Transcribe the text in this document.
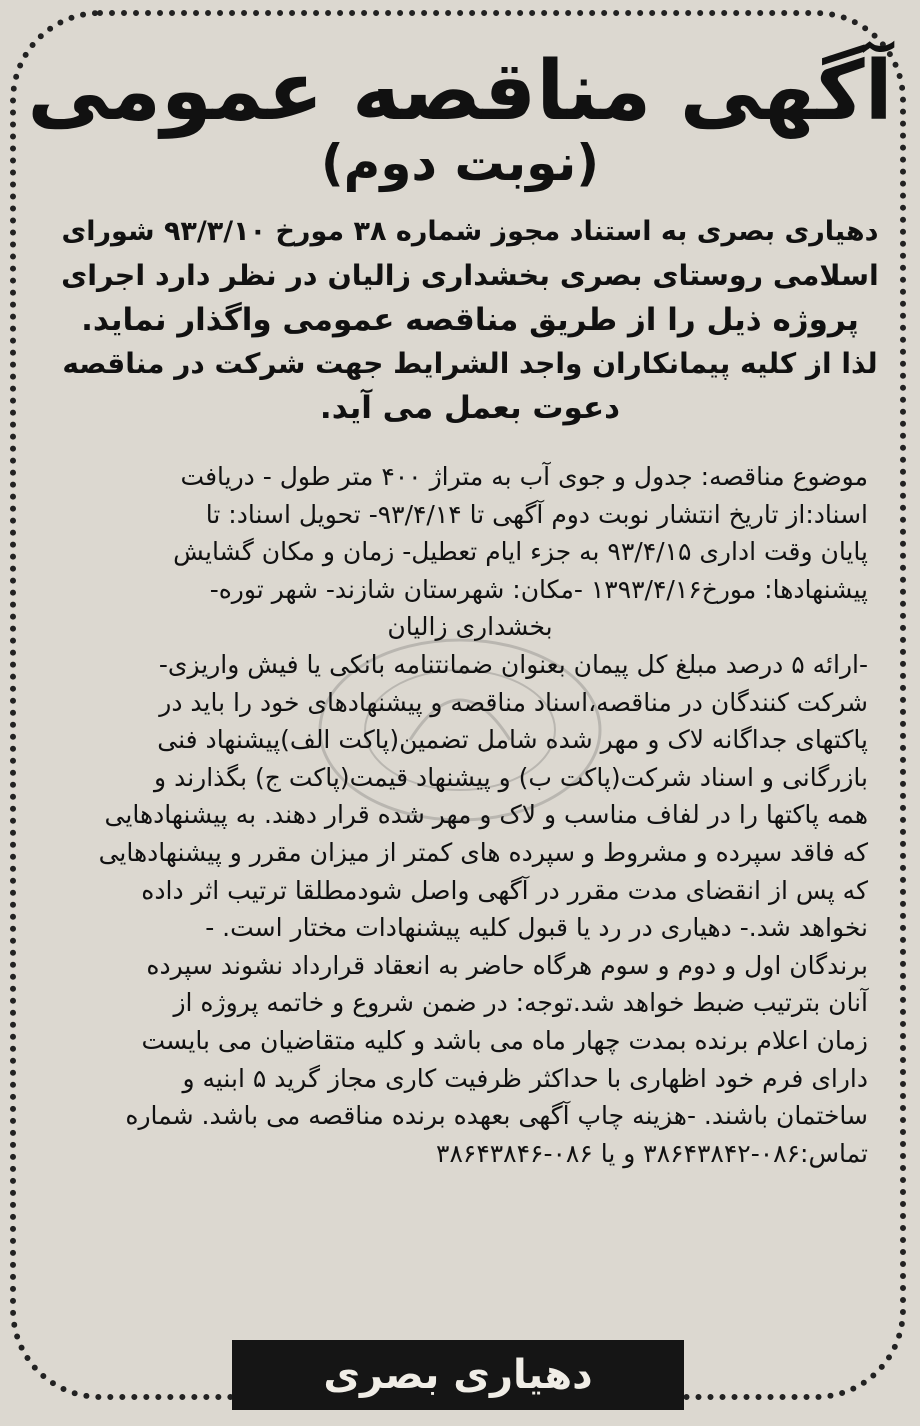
آگهی مناقصه عمومی
(نوبت دوم)
دهیاری بصری به استناد مجوز شماره ۳۸ مورخ ۹۳/۳/۱۰ شورای
اسلامی روستای بصری بخشداری زالیان در نظر دارد اجرای
پروژه ذیل را از طریق مناقصه عمومی واگذار نماید.
لذا از کلیه پیمانکاران واجد الشرایط جهت شرکت در مناقصه
دعوت بعمل می آید.
موضوع مناقصه: جدول و جوی آب به متراژ ۴۰۰ متر طول - دریافت
اسناد:از تاریخ انتشار نوبت دوم آگهی تا ۹۳/۴/۱۴- تحویل اسناد: تا
پایان وقت اداری ۹۳/۴/۱۵ به جزء ایام تعطیل- زمان و مکان گشایش
پیشنهادها: مورخ۱۳۹۳/۴/۱۶ -مکان: شهرستان شازند- شهر توره-
بخشداری زالیان
-ارائه ۵ درصد مبلغ کل پیمان بعنوان ضمانتنامه بانکی یا فیش واریزی-
شرکت کنندگان در مناقصه،اسناد مناقصه و پیشنهادهای خود را باید در
پاکتهای جداگانه لاک و مهر شده شامل تضمین(پاکت الف)پیشنهاد فنی
بازرگانی و اسناد شرکت(پاکت ب) و پیشنهاد قیمت(پاکت ج) بگذارند و
همه پاکتها را در لفاف مناسب و لاک و مهر شده قرار دهند. به پیشنهادهایی
که فاقد سپرده و مشروط و سپرده های کمتر از میزان مقرر و پیشنهادهایی
که پس از انقضای مدت مقرر در آگهی واصل شودمطلقا ترتیب اثر داده
نخواهد شد.- دهیاری در رد یا قبول کلیه پیشنهادات مختار است. -
برندگان اول و دوم و سوم هرگاه حاضر به انعقاد قرارداد نشوند سپرده
آنان بترتیب ضبط خواهد شد.توجه: در ضمن شروع و خاتمه پروژه از
زمان اعلام برنده بمدت چهار ماه می باشد و کلیه متقاضیان می بایست
دارای فرم خود اظهاری با حداکثر ظرفیت کاری مجاز گرید ۵ ابنیه و
ساختمان باشند. -هزینه چاپ آگهی بعهده برنده مناقصه می باشد. شماره
تماس:۰۸۶-۳۸۶۴۳۸۴۲ و یا ۰۸۶-۳۸۶۴۳۸۴۶
دهیاری بصری
